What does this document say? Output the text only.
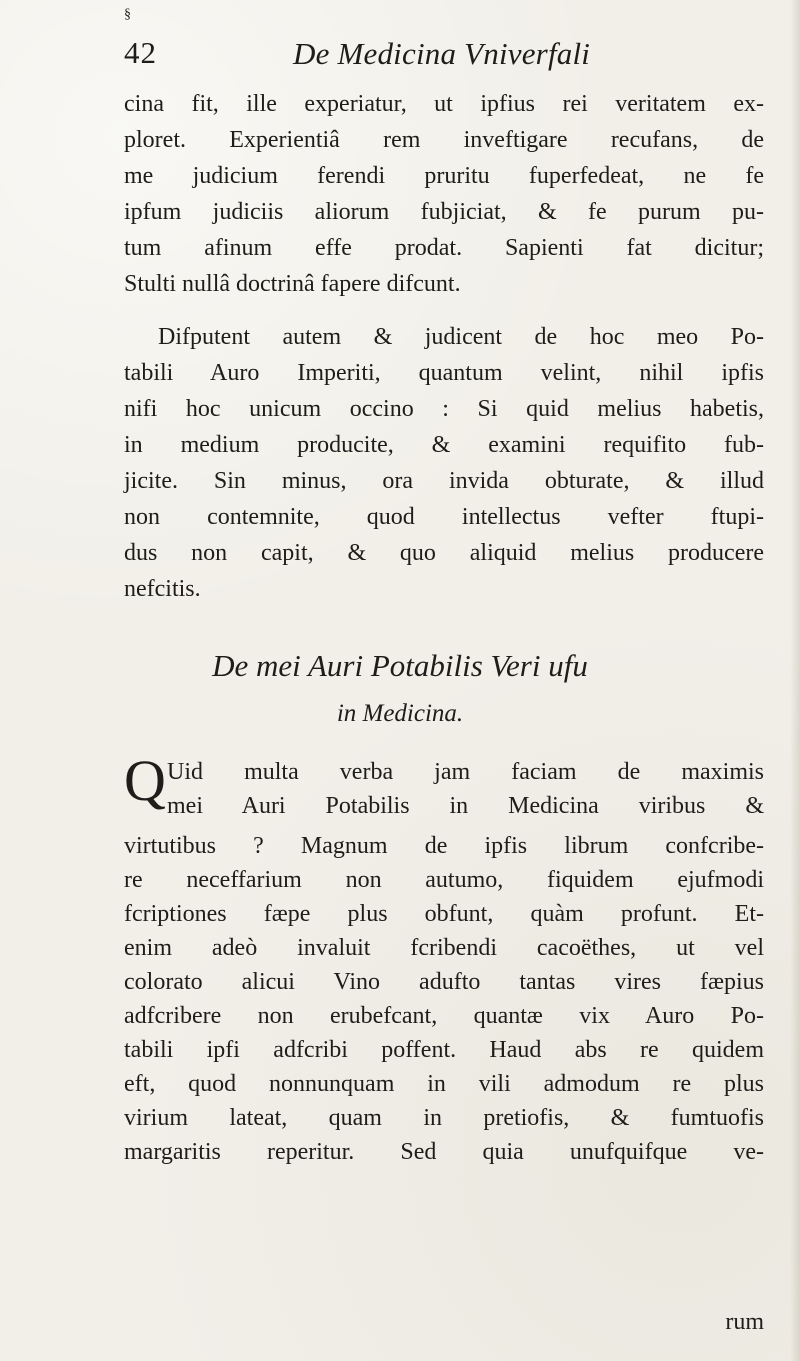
§
42	De Medicina Vniverfali
cina fit, ille experiatur, ut ipfius rei veritatem ex-
ploret. Experientiâ rem inveftigare recufans, de
me judicium ferendi pruritu fuperfedeat, ne fe
ipfum judiciis aliorum fubjiciat, & fe purum pu-
tum afinum effe prodat. Sapienti fat dicitur;
Stulti nullâ doctrinâ fapere difcunt.
Difputent autem & judicent de hoc meo Po-
tabili Auro Imperiti, quantum velint, nihil ipfis
nifi hoc unicum occino : Si quid melius habetis,
in medium producite, & examini requifito fub-
jicite. Sin minus, ora invida obturate, & illud
non contemnite, quod intellectus vefter ftupi-
dus non capit, & quo aliquid melius producere
nefcitis.
De mei Auri Potabilis Veri ufu
in Medicina.
Q Uid multa verba jam faciam de maximis
mei Auri Potabilis in Medicina viribus &
virtutibus ? Magnum de ipfis librum confcribe-
re neceffarium non autumo, fiquidem ejufmodi
fcriptiones fæpe plus obfunt, quàm profunt. Et-
enim adeò invaluit fcribendi cacoëthes, ut vel
colorato alicui Vino adufto tantas vires fæpius
adfcribere non erubefcant, quantæ vix Auro Po-
tabili ipfi adfcribi poffent. Haud abs re quidem
eft, quod nonnunquam in vili admodum re plus
virium lateat, quam in pretiofis, & fumtuofis
margaritis reperitur. Sed quia unufquifque ve-
rum
